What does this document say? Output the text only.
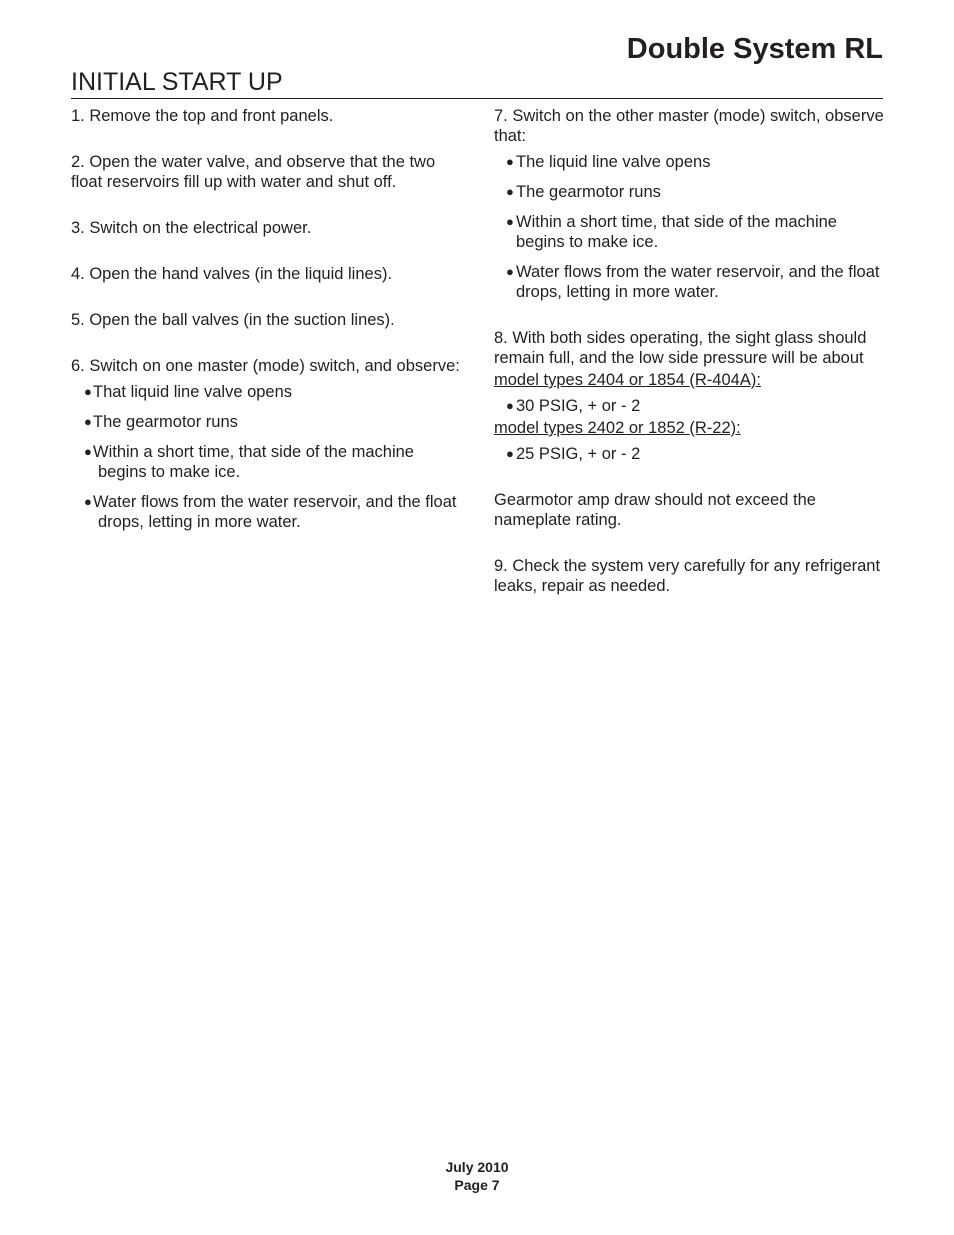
Double System RL
INITIAL START UP

1. Remove the top and front panels.

2. Open the water valve, and observe that the two float reservoirs fill up with water and shut off.

3. Switch on the electrical power.

4. Open the hand valves (in the liquid lines).

5. Open the ball valves (in the suction lines).

6. Switch on one master (mode) switch, and observe:

● That liquid line valve opens
● The gearmotor runs
● Within a short time, that side of the machine begins to make ice.
● Water flows from the water reservoir, and the float drops, letting in more water.

7. Switch on the other master (mode) switch, observe that:

● The liquid line valve opens
● The gearmotor runs
● Within a short time, that side of the machine begins to make ice.
● Water flows from the water reservoir, and the float drops, letting in more water.

8. With both sides operating, the sight glass should remain full, and the low side pressure will be about

model types 2404 or 1854 (R-404A):
● 30 PSIG, + or - 2
model types 2402 or 1852 (R-22):
● 25 PSIG, + or - 2

Gearmotor amp draw should not exceed the nameplate rating.

9. Check the system very carefully for any refrigerant leaks, repair as needed.

July 2010
Page 7
